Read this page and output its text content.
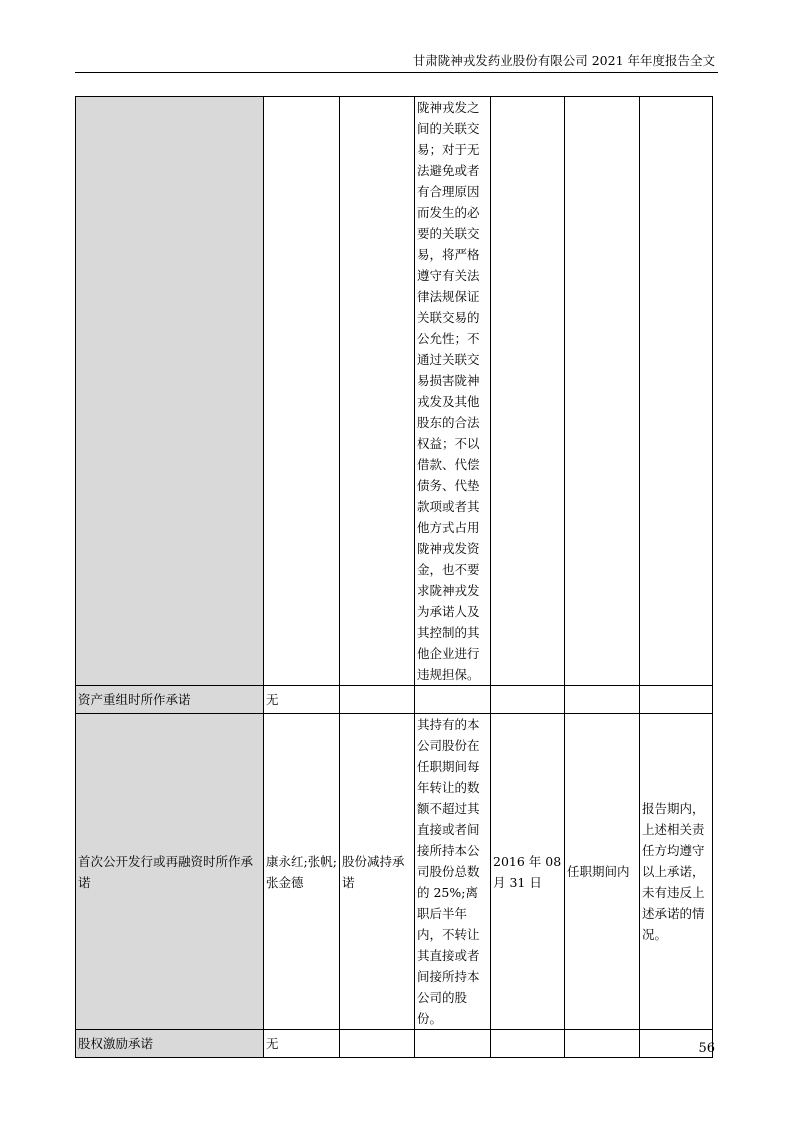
甘肃陇神戎发药业股份有限公司 2021 年年度报告全文
			陇神戎发之间的关联交易；对于无法避免或者有合理原因而发生的必要的关联交易，将严格遵守有关法律法规保证关联交易的公允性；不通过关联交易损害陇神戎发及其他股东的合法权益；不以借款、代偿债务、代垫款项或者其他方式占用陇神戎发资金，也不要求陇神戎发为承诺人及其控制的其他企业进行违规担保。			
资产重组时所作承诺	无					
首次公开发行或再融资时所作承诺	康永红;张帆;张金德	股份减持承诺	其持有的本公司股份在任职期间每年转让的数额不超过其直接或者间接所持本公司股份总数的 25%;离职后半年内，不转让其直接或者间接所持本公司的股份。	2016 年 08 月 31 日	任职期间内	报告期内，上述相关责任方均遵守以上承诺，未有违反上述承诺的情况。
股权激励承诺	无						56
